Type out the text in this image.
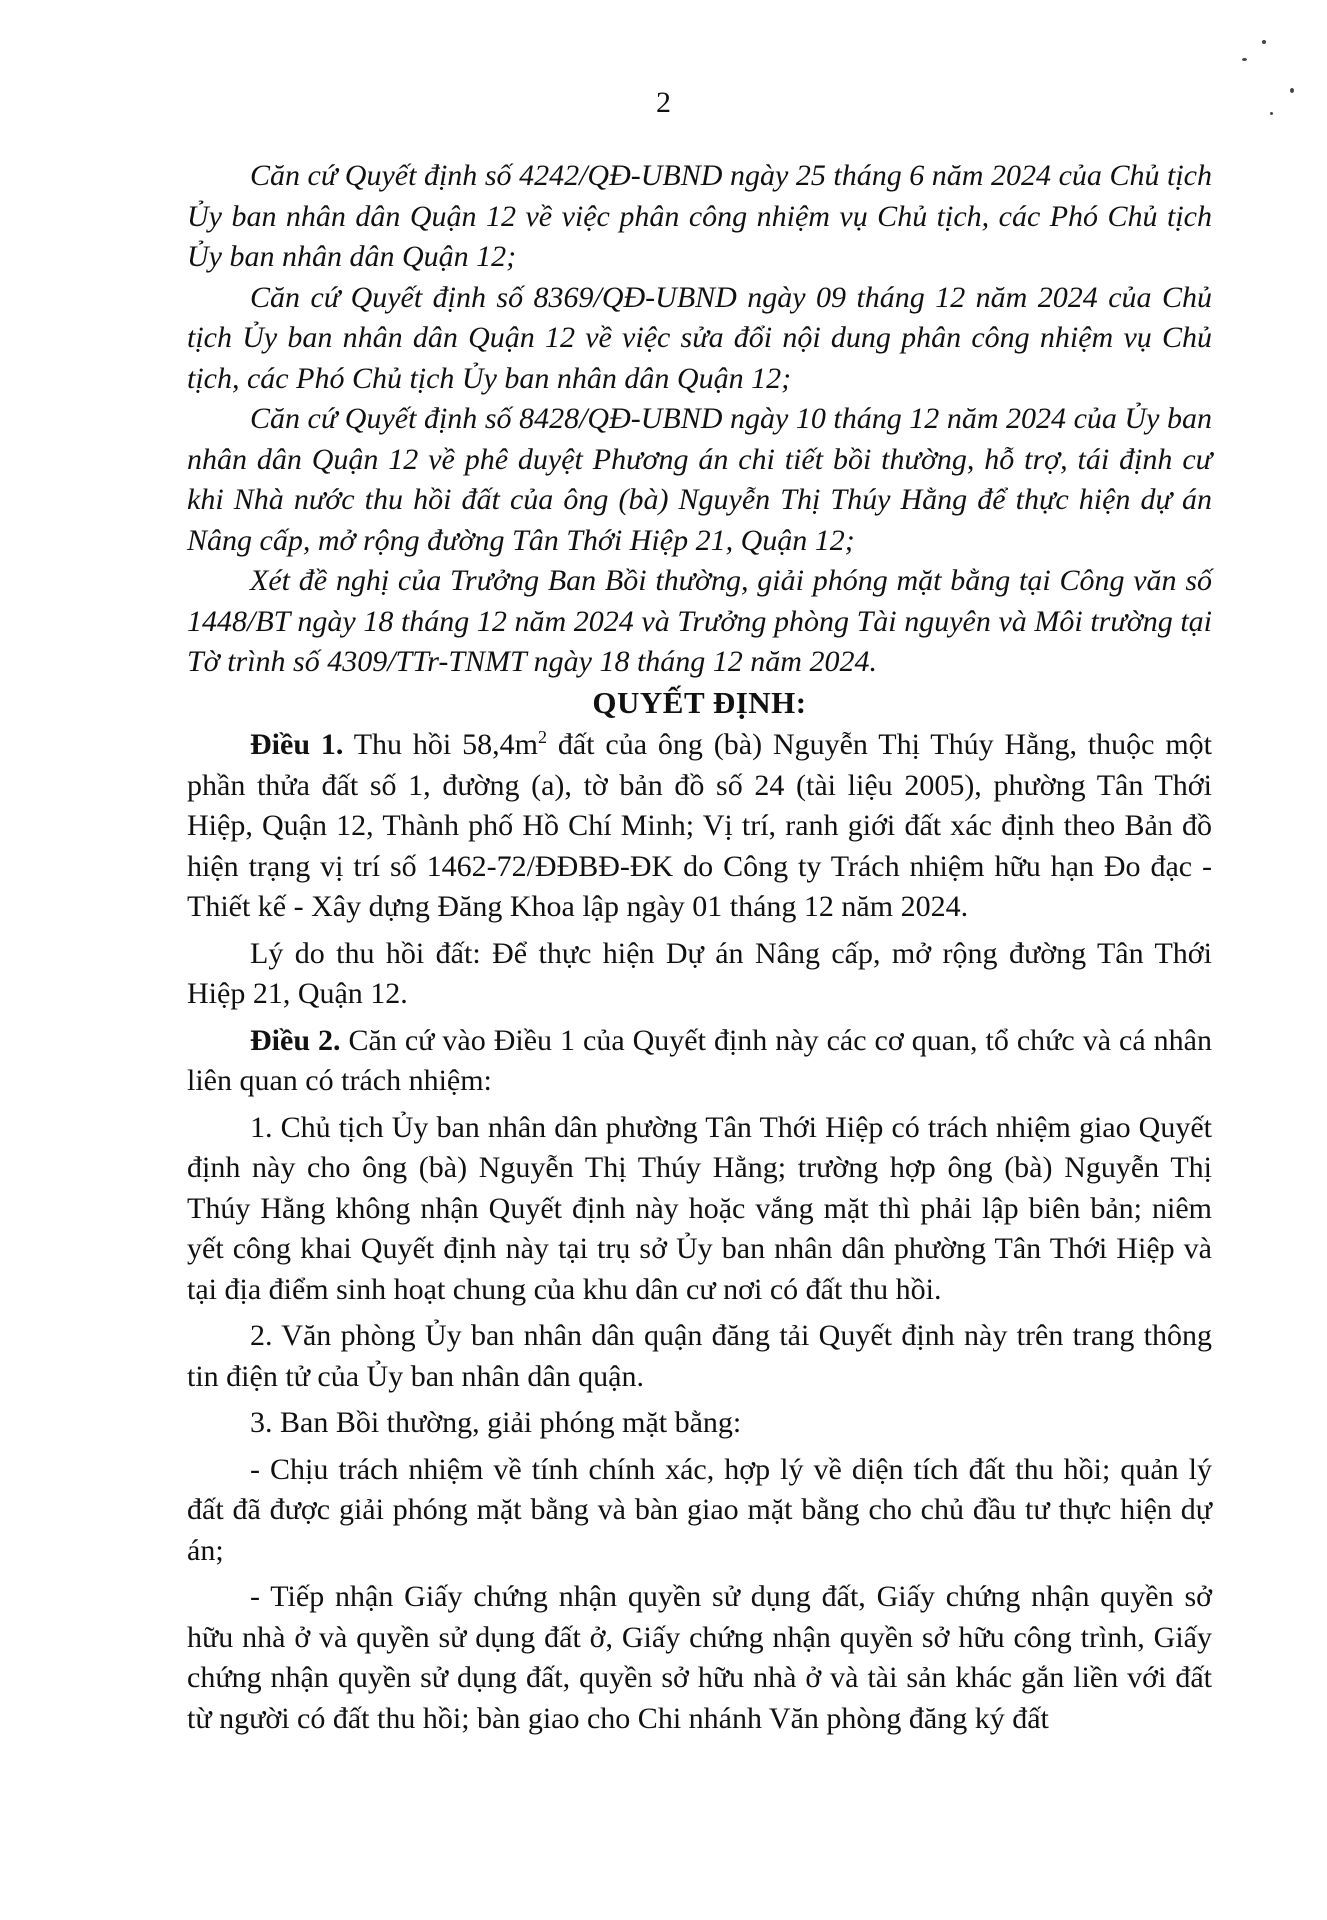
2

Căn cứ Quyết định số 4242/QĐ-UBND ngày 25 tháng 6 năm 2024 của Chủ tịch Ủy ban nhân dân Quận 12 về việc phân công nhiệm vụ Chủ tịch, các Phó Chủ tịch Ủy ban nhân dân Quận 12;

Căn cứ Quyết định số 8369/QĐ-UBND ngày 09 tháng 12 năm 2024 của Chủ tịch Ủy ban nhân dân Quận 12 về việc sửa đổi nội dung phân công nhiệm vụ Chủ tịch, các Phó Chủ tịch Ủy ban nhân dân Quận 12;

Căn cứ Quyết định số 8428/QĐ-UBND ngày 10 tháng 12 năm 2024 của Ủy ban nhân dân Quận 12 về phê duyệt Phương án chi tiết bồi thường, hỗ trợ, tái định cư khi Nhà nước thu hồi đất của ông (bà) Nguyễn Thị Thúy Hằng để thực hiện dự án Nâng cấp, mở rộng đường Tân Thới Hiệp 21, Quận 12;

Xét đề nghị của Trưởng Ban Bồi thường, giải phóng mặt bằng tại Công văn số 1448/BT ngày 18 tháng 12 năm 2024 và Trưởng phòng Tài nguyên và Môi trường tại Tờ trình số 4309/TTr-TNMT ngày 18 tháng 12 năm 2024.

QUYẾT ĐỊNH:

Điều 1. Thu hồi $58,4m^2$ đất của ông (bà) Nguyễn Thị Thúy Hằng, thuộc một phần thửa đất số 1, đường (a), tờ bản đồ số 24 (tài liệu 2005), phường Tân Thới Hiệp, Quận 12, Thành phố Hồ Chí Minh; Vị trí, ranh giới đất xác định theo Bản đồ hiện trạng vị trí số 1462-72/ĐĐBĐ-ĐK do Công ty Trách nhiệm hữu hạn Đo đạc - Thiết kế - Xây dựng Đăng Khoa lập ngày 01 tháng 12 năm 2024.

Lý do thu hồi đất: Để thực hiện Dự án Nâng cấp, mở rộng đường Tân Thới Hiệp 21, Quận 12.

Điều 2. Căn cứ vào Điều 1 của Quyết định này các cơ quan, tổ chức và cá nhân liên quan có trách nhiệm:

1. Chủ tịch Ủy ban nhân dân phường Tân Thới Hiệp có trách nhiệm giao Quyết định này cho ông (bà) Nguyễn Thị Thúy Hằng; trường hợp ông (bà) Nguyễn Thị Thúy Hằng không nhận Quyết định này hoặc vắng mặt thì phải lập biên bản; niêm yết công khai Quyết định này tại trụ sở Ủy ban nhân dân phường Tân Thới Hiệp và tại địa điểm sinh hoạt chung của khu dân cư nơi có đất thu hồi.

2. Văn phòng Ủy ban nhân dân quận đăng tải Quyết định này trên trang thông tin điện tử của Ủy ban nhân dân quận.

3. Ban Bồi thường, giải phóng mặt bằng:

- Chịu trách nhiệm về tính chính xác, hợp lý về diện tích đất thu hồi; quản lý đất đã được giải phóng mặt bằng và bàn giao mặt bằng cho chủ đầu tư thực hiện dự án;

- Tiếp nhận Giấy chứng nhận quyền sử dụng đất, Giấy chứng nhận quyền sở hữu nhà ở và quyền sử dụng đất ở, Giấy chứng nhận quyền sở hữu công trình, Giấy chứng nhận quyền sử dụng đất, quyền sở hữu nhà ở và tài sản khác gắn liền với đất từ người có đất thu hồi; bàn giao cho Chi nhánh Văn phòng đăng ký đất
